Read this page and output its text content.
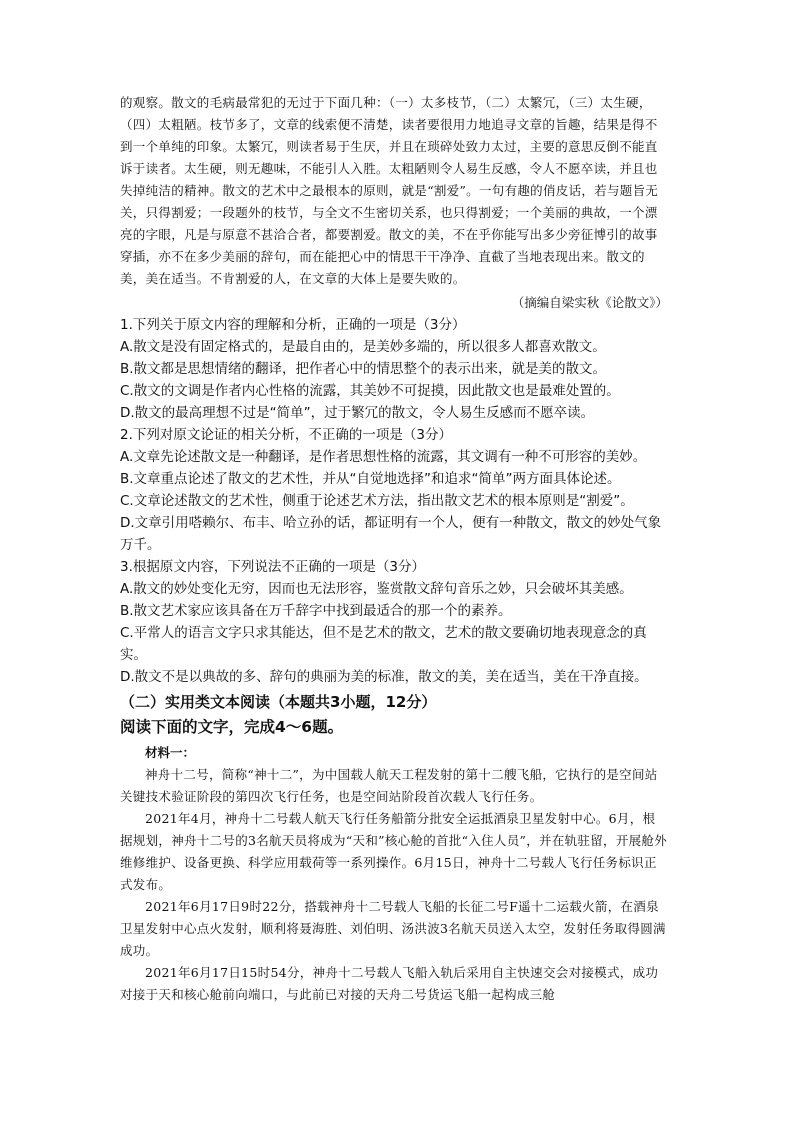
的观察。散文的毛病最常犯的无过于下面几种：（一）太多枝节，（二）太繁冗，（三）太生硬，（四）太粗陋。枝节多了，文章的线索便不清楚，读者要很用力地追寻文章的旨趣，结果是得不到一个单纯的印象。太繁冗，则读者易于生厌，并且在琐碎处致力太过，主要的意思反倒不能直诉于读者。太生硬，则无趣味，不能引人入胜。太粗陋则令人易生反感，令人不愿卒读，并且也失掉纯洁的精神。散文的艺术中之最根本的原则，就是“割爱”。一句有趣的俏皮话，若与题旨无关，只得割爱；一段题外的枝节，与全文不生密切关系，也只得割爱；一个美丽的典故，一个漂亮的字眼，凡是与原意不甚洽合者，都要割爱。散文的美，不在乎你能写出多少旁征博引的故事穿插，亦不在多少美丽的辞句，而在能把心中的情思干干净净、直截了当地表现出来。散文的美，美在适当。不肯割爱的人，在文章的大体上是要失败的。

（摘编自梁实秋《论散文》）

1.下列关于原文内容的理解和分析，正确的一项是（3分）

A.散文是没有固定格式的，是最自由的，是美妙多端的，所以很多人都喜欢散文。

B.散文都是思想情绪的翻译，把作者心中的情思整个的表示出来，就是美的散文。

C.散文的文调是作者内心性格的流露，其美妙不可捉摸，因此散文也是最难处置的。

D.散文的最高理想不过是“简单”，过于繁冗的散文，令人易生反感而不愿卒读。

2.下列对原文论证的相关分析，不正确的一项是（3分）

A.文章先论述散文是一种翻译，是作者思想性格的流露，其文调有一种不可形容的美妙。

B.文章重点论述了散文的艺术性，并从“自觉地选择”和追求“简单”两方面具体论述。

C.文章论述散文的艺术性，侧重于论述艺术方法，指出散文艺术的根本原则是“割爱”。

D.文章引用嗒赖尔、布丰、哈立孙的话，都证明有一个人，便有一种散文，散文的妙处气象万千。

3.根据原文内容，下列说法不正确的一项是（3分）

A.散文的妙处变化无穷，因而也无法形容，鉴赏散文辞句音乐之妙，只会破坏其美感。

B.散文艺术家应该具备在万千辞字中找到最适合的那一个的素养。

C.平常人的语言文字只求其能达，但不是艺术的散文，艺术的散文要确切地表现意念的真实。

D.散文不是以典故的多、辞句的典丽为美的标准，散文的美，美在适当，美在干净直接。

（二）实用类文本阅读（本题共3小题，12分）

阅读下面的文字，完成4～6题。

材料一：

神舟十二号，简称“神十二”，为中国载人航天工程发射的第十二艘飞船，它执行的是空间站关键技术验证阶段的第四次飞行任务，也是空间站阶段首次载人飞行任务。

2021年4月，神舟十二号载人航天飞行任务船箭分批安全运抵酒泉卫星发射中心。6月，根据规划，神舟十二号的3名航天员将成为“天和”核心舱的首批“入住人员”，并在轨驻留，开展舱外维修维护、设备更换、科学应用载荷等一系列操作。6月15日，神舟十二号载人飞行任务标识正式发布。

2021年6月17日9时22分，搭载神舟十二号载人飞船的长征二号F遥十二运载火箭，在酒泉卫星发射中心点火发射，顺利将聂海胜、刘伯明、汤洪波3名航天员送入太空，发射任务取得圆满成功。

2021年6月17日15时54分，神舟十二号载人飞船入轨后采用自主快速交会对接模式，成功对接于天和核心舱前向端口，与此前已对接的天舟二号货运飞船一起构成三舱
